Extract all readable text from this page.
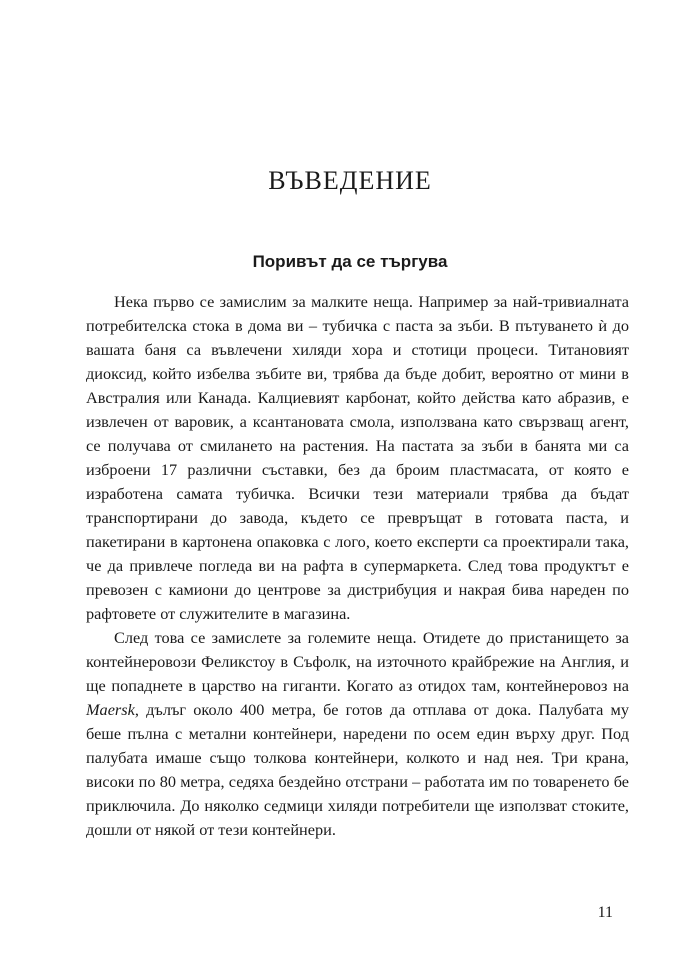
ВЪВЕДЕНИЕ
Поривът да се търгува

Нека първо се замислим за малките неща. Например за най-тривиалната потребителска стока в дома ви – тубичка с паста за зъби. В пътуването ѝ до вашата баня са въвлечени хиляди хора и стотици процеси. Титановият диоксид, който избелва зъбите ви, трябва да бъде добит, вероятно от мини в Австралия или Канада. Калциевият карбонат, който действа като абразив, е извлечен от варовик, а ксантановата смола, използвана като свързващ агент, се получава от смилането на растения. На пастата за зъби в банята ми са изброени 17 различни съставки, без да броим пластмасата, от която е изработена самата тубичка. Всички тези материали трябва да бъдат транспортирани до завода, където се превръщат в готовата паста, и пакетирани в картонена опаковка с лого, което експерти са проектирали така, че да привлече погледа ви на рафта в супермаркета. След това продуктът е превозен с камиони до центрове за дистрибуция и накрая бива нареден по рафтовете от служителите в магазина.

След това се замислете за големите неща. Отидете до пристанището за контейнеровози Феликстоу в Съфолк, на източното крайбрежие на Англия, и ще попаднете в царство на гиганти. Когато аз отидох там, контейнеровоз на Maersk, дълъг около 400 метра, бе готов да отплава от дока. Палубата му беше пълна с метални контейнери, наредени по осем един върху друг. Под палубата имаше също толкова контейнери, колкото и над нея. Три крана, високи по 80 метра, седяха бездейно отстрани – работата им по товаренето бе приключила. До няколко седмици хиляди потребители ще използват стоките, дошли от някой от тези контейнери.

11
